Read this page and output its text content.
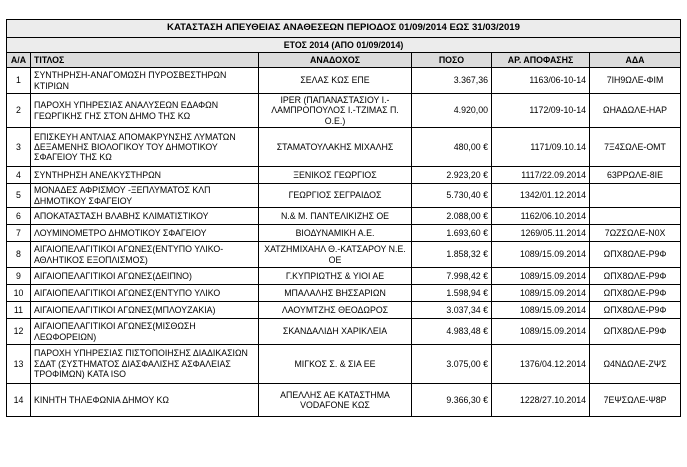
ΚΑΤΑΣΤΑΣΗ ΑΠΕΥΘΕΙΑΣ ΑΝΑΘΕΣΕΩΝ ΠΕΡΙΟΔΟΣ 01/09/2014 ΕΩΣ 31/03/2019					
ΕΤΟΣ 2014 (ΑΠΟ 01/09/2014)					
Α/Α	ΤΙΤΛΟΣ	ΑΝΑΔΟΧΟΣ	ΠΟΣΟ	ΑΡ. ΑΠΟΦΑΣΗΣ	ΑΔΑ
1	ΣΥΝΤΗΡΗΣΗ-ΑΝΑΓΟΜΩΣΗ ΠΥΡΟΣΒΕΣΤΗΡΩΝ ΚΤΙΡΙΩΝ	ΣΕΛΑΣ ΚΩΣ ΕΠΕ	3.367,36	1163/06-10-14	7ΙΗ9ΩΛΕ-ΦΙΜ
2	ΠΑΡΟΧΗ ΥΠΗΡΕΣΙΑΣ ΑΝΑΛΥΣΕΩΝ ΕΔΑΦΩΝ ΓΕΩΡΓΙΚΗΣ ΓΗΣ ΣΤΟΝ ΔΗΜΟ ΤΗΣ ΚΩ	IPER (ΠΑΠΑΝΑΣΤΑΣΙΟΥ Ι.-ΛΑΜΠΡΟΠΟΥΛΟΣ Ι.-ΤΖΙΜΑΣ Π. Ο.Ε.)	4.920,00	1172/09-10-14	ΩΗΑΔΩΛΕ-ΗΑΡ
3	ΕΠΙΣΚΕΥΗ ΑΝΤΛΙΑΣ ΑΠΟΜΑΚΡΥΝΣΗΣ ΛΥΜΑΤΩΝ ΔΕΞΑΜΕΝΗΣ ΒΙΟΛΟΓΙΚΟΥ ΤΟΥ ΔΗΜΟΤΙΚΟΥ ΣΦΑΓΕΙΟΥ ΤΗΣ ΚΩ	ΣΤΑΜΑΤΟΥΛΑΚΗΣ ΜΙΧΑΛΗΣ	480,00 €	1171/09.10.14	7Ξ4ΣΩΛΕ-ΟΜΤ
4	ΣΥΝΤΗΡΗΣΗ ΑΝΕΛΚΥΣΤΗΡΩΝ	ΞΕΝΙΚΟΣ ΓΕΩΡΓΙΟΣ	2.923,20 €	1117/22.09.2014	63ΡΡΩΛΕ-8ΙΕ
5	ΜΟΝΑΔΕΣ ΑΦΡΙΣΜΟΥ -ΞΕΠΛΥΜΑΤΟΣ ΚΛΠ ΔΗΜΟΤΙΚΟΥ ΣΦΑΓΕΙΟΥ	ΓΕΩΡΓΙΟΣ ΣΕΓΡΑΙΔΟΣ	5.730,40 €	1342/01.12.2014	
6	ΑΠΟΚΑΤΑΣΤΑΣΗ ΒΛΑΒΗΣ ΚΛΙΜΑΤΙΣΤΙΚΟΥ	Ν.& Μ. ΠΑΝΤΕΛΙΚΙΖΗΣ ΟΕ	2.088,00 €	1162/06.10.2014	
7	ΛΟΥΜΙΝΟΜΕΤΡΟ ΔΗΜΟΤΙΚΟΥ ΣΦΑΓΕΙΟΥ	ΒΙΟΔΥΝΑΜΙΚΗ Α.Ε.	1.693,60 €	1269/05.11.2014	7ΩΖΣΩΛΕ-Ν0Χ
8	ΑΙΓΑΙΟΠΕΛΑΓΙΤΙΚΟΙ ΑΓΩΝΕΣ(ΕΝΤΥΠΟ ΥΛΙΚΟ-ΑΘΛΗΤΙΚΟΣ ΕΞΟΠΛΙΣΜΟΣ)	ΧΑΤΖΗΜΙΧΑΗΛ Θ.-ΚΑΤΣΑΡΟΥ Ν.Ε. ΟΕ	1.858,32 €	1089/15.09.2014	ΩΠΧ8ΩΛΕ-Ρ9Φ
9	ΑΙΓΑΙΟΠΕΛΑΓΙΤΙΚΟΙ ΑΓΩΝΕΣ(ΔΕΙΠΝΟ)	Γ.ΚΥΠΡΙΩΤΗΣ & ΥΙΟΙ ΑΕ	7.998,42 €	1089/15.09.2014	ΩΠΧ8ΩΛΕ-Ρ9Φ
10	ΑΙΓΑΙΟΠΕΛΑΓΙΤΙΚΟΙ ΑΓΩΝΕΣ(ΕΝΤΥΠΟ ΥΛΙΚΟ	ΜΠΑΛΑΛΗΣ ΒΗΣΣΑΡΙΩΝ	1.598,94 €	1089/15.09.2014	ΩΠΧ8ΩΛΕ-Ρ9Φ
11	ΑΙΓΑΙΟΠΕΛΑΓΙΤΙΚΟΙ ΑΓΩΝΕΣ(ΜΠΛΟΥΖΑΚΙΑ)	ΛΑΟΥΜΤΖΗΣ ΘΕΟΔΩΡΟΣ	3.037,34 €	1089/15.09.2014	ΩΠΧ8ΩΛΕ-Ρ9Φ
12	ΑΙΓΑΙΟΠΕΛΑΓΙΤΙΚΟΙ ΑΓΩΝΕΣ(ΜΙΣΘΩΣΗ ΛΕΩΦΟΡΕΙΩΝ)	ΣΚΑΝΔΑΛΙΔΗ ΧΑΡΙΚΛΕΙΑ	4.983,48 €	1089/15.09.2014	ΩΠΧ8ΩΛΕ-Ρ9Φ
13	ΠΑΡΟΧΗ ΥΠΗΡΕΣΙΑΣ ΠΙΣΤΟΠΟΙΗΣΗΣ ΔΙΑΔΙΚΑΣΙΩΝ ΣΔΑΤ (ΣΥΣΤΗΜΑΤΟΣ ΔΙΑΣΦΑΛΙΣΗΣ ΑΣΦΑΛΕΙΑΣ ΤΡΟΦΙΜΩΝ) ΚΑΤΑ ISO	ΜΙΓΚΟΣ Σ. & ΣΙΑ ΕΕ	3.075,00 €	1376/04.12.2014	Ω4ΝΔΩΛΕ-ΖΨΣ
14	ΚΙΝΗΤΗ ΤΗΛΕΦΩΝΙΑ ΔΗΜΟΥ ΚΩ	ΑΠΕΛΛΗΣ ΑΕ ΚΑΤΑΣΤΗΜΑ VODAFONE ΚΩΣ	9.366,30 €	1228/27.10.2014	7ΕΨΣΩΛΕ-Ψ8Ρ
